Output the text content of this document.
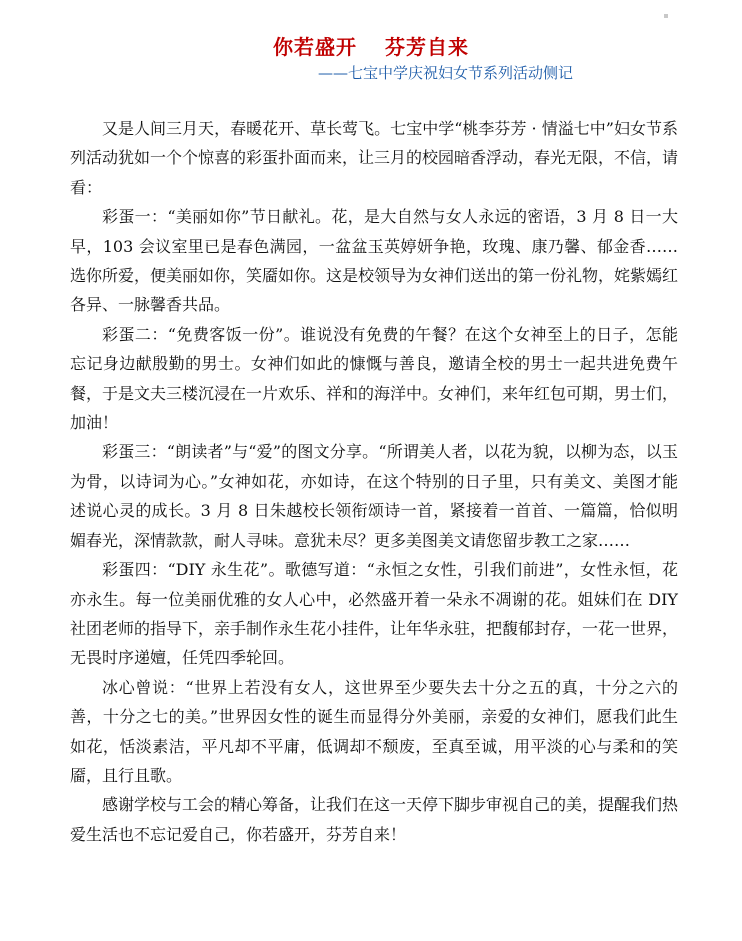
你若盛开 芬芳自来

——七宝中学庆祝妇女节系列活动侧记

又是人间三月天，春暖花开、草长莺飞。七宝中学“桃李芬芳 · 情溢七中”妇女节系列活动犹如一个个惊喜的彩蛋扑面而来，让三月的校园暗香浮动，春光无限，不信，请看：

彩蛋一：“美丽如你”节日献礼。花，是大自然与女人永远的密语，3 月 8 日一大早，103 会议室里已是春色满园，一盆盆玉英婷妍争艳，玫瑰、康乃馨、郁金香……选你所爱，便美丽如你，笑靥如你。这是校领导为女神们送出的第一份礼物，姹紫嫣红各异、一脉馨香共品。

彩蛋二：“免费客饭一份”。谁说没有免费的午餐？在这个女神至上的日子，怎能忘记身边献殷勤的男士。女神们如此的慷慨与善良，邀请全校的男士一起共进免费午餐，于是文夫三楼沉浸在一片欢乐、祥和的海洋中。女神们，来年红包可期，男士们，加油！

彩蛋三：“朗读者”与“爱”的图文分享。“所谓美人者，以花为貌，以柳为态，以玉为骨，以诗词为心。”女神如花，亦如诗，在这个特别的日子里，只有美文、美图才能述说心灵的成长。3 月 8 日朱越校长领衔颂诗一首，紧接着一首首、一篇篇，恰似明媚春光，深情款款，耐人寻味。意犹未尽？更多美图美文请您留步教工之家……

彩蛋四：“DIY 永生花”。歌德写道：“永恒之女性，引我们前进”，女性永恒，花亦永生。每一位美丽优雅的女人心中，必然盛开着一朵永不凋谢的花。姐妹们在 DIY 社团老师的指导下，亲手制作永生花小挂件，让年华永驻，把馥郁封存，一花一世界，无畏时序递嬗，任凭四季轮回。

冰心曾说：“世界上若没有女人，这世界至少要失去十分之五的真，十分之六的善，十分之七的美。”世界因女性的诞生而显得分外美丽，亲爱的女神们，愿我们此生如花，恬淡素洁，平凡却不平庸，低调却不颓废，至真至诚，用平淡的心与柔和的笑靥，且行且歌。

感谢学校与工会的精心筹备，让我们在这一天停下脚步审视自己的美，提醒我们热爱生活也不忘记爱自己，你若盛开，芬芳自来！
